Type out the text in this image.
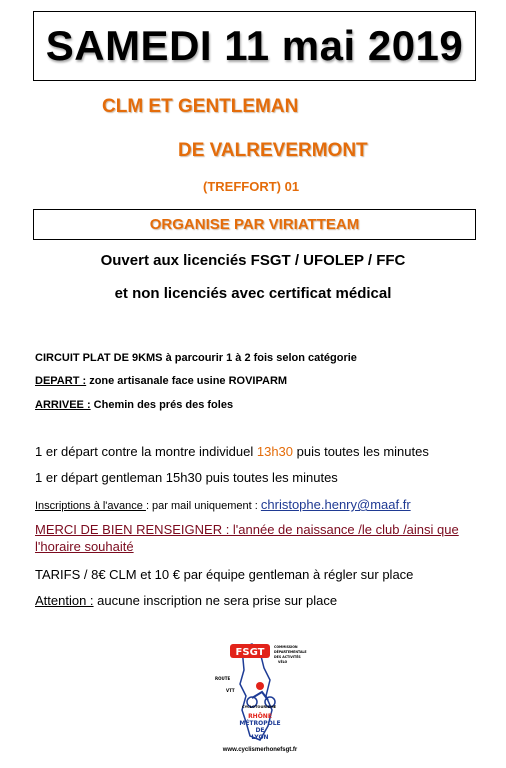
SAMEDI 11 mai 2019
CLM ET GENTLEMAN
DE VALREVERMONT
(TREFFORT) 01
ORGANISE PAR VIRIATTEAM
Ouvert aux licenciés FSGT / UFOLEP / FFC
et non licenciés avec certificat médical
CIRCUIT PLAT DE 9KMS à parcourir 1 à 2 fois selon catégorie
DEPART : zone artisanale face usine ROVIPARM
ARRIVEE : Chemin des prés des foles
1 er départ contre la montre individuel 13h30 puis toutes les minutes
1 er départ gentleman 15h30 puis toutes les minutes
Inscriptions à l'avance : par mail uniquement : christophe.henry@maaf.fr
MERCI DE BIEN RENSEIGNER : l'année de naissance /le club /ainsi que l'horaire souhaité
TARIFS / 8€ CLM et 10 € par équipe gentleman à régler sur place
Attention : aucune inscription ne sera prise sur place
FSGT	COMMISSION DÉPARTEMENTALE DES ACTIVITÉS VÉLO
ROUTE
VTT
CYCLOTOURISME
RHÔNE
MÉTROPOLE
DE
LYON
www.cyclismerhonefsgt.fr
